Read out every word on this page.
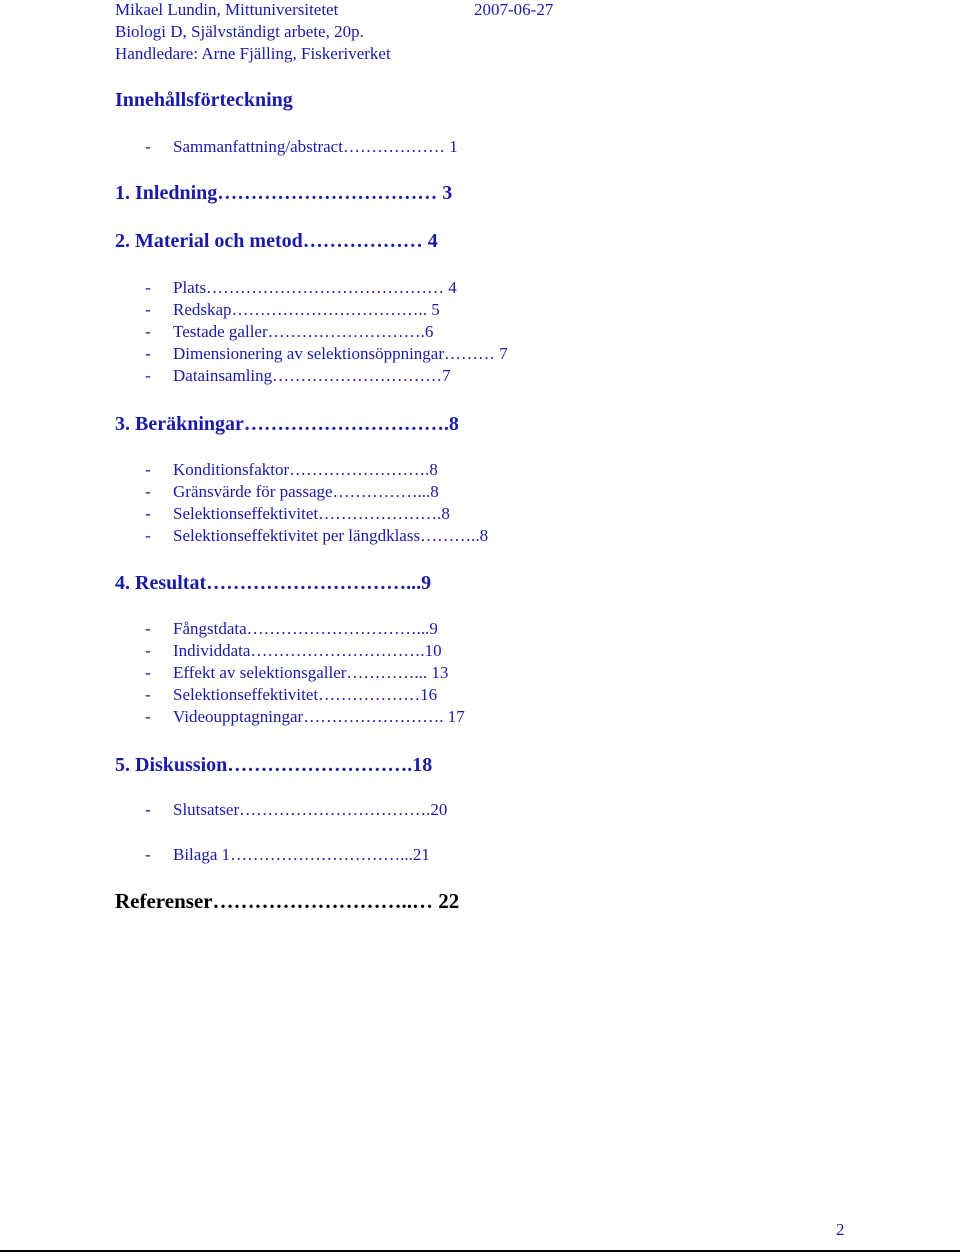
Mikael Lundin, Mittuniversitetet	2007-06-27
Biologi D, Självständigt arbete, 20p.
Handledare: Arne Fjälling, Fiskeriverket
Innehållsförteckning
- Sammanfattning/abstract……………… 1
1. Inledning…………………………… 3
2. Material och metod……………… 4
- Plats…………………………………… 4
- Redskap…………………………….. 5
- Testade galler……………………….6
- Dimensionering av selektionsöppningar……… 7
- Datainsamling…………………………7
3. Beräkningar………………………….8
- Konditionsfaktor…………………….8
- Gränsvärde för passage……………...8
- Selektionseffektivitet………………….8
- Selektionseffektivitet per längdklass………..8
4. Resultat…………………………...9
- Fångstdata…………………………...9
- Individdata………………………….10
- Effekt av selektionsgaller…………... 13
- Selektionseffektivitet………………16
- Videoupptagningar……………………. 17
5. Diskussion……………………….18
- Slutsatser…………………………….20
- Bilaga 1…………………………...21
Referenser………………………..… 22
2
